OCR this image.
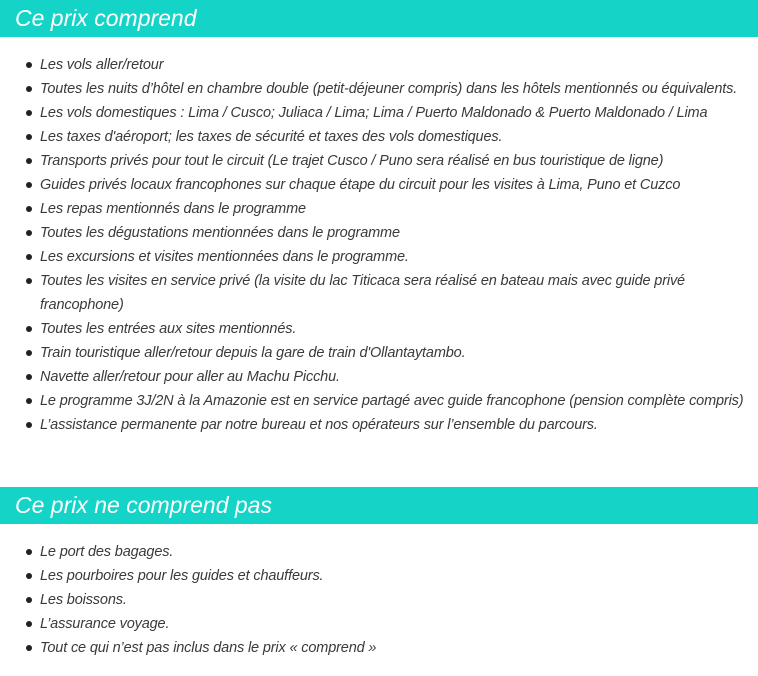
Ce prix comprend
Les vols aller/retour
Toutes les nuits d’hôtel en chambre double (petit-déjeuner compris) dans les hôtels mentionnés ou équivalents.
Les vols domestiques : Lima / Cusco; Juliaca / Lima; Lima / Puerto Maldonado & Puerto Maldonado / Lima
Les taxes d'aéroport; les taxes de sécurité et taxes des vols domestiques.
Transports privés pour tout le circuit (Le trajet Cusco / Puno sera réalisé en bus touristique de ligne)
Guides privés locaux francophones sur chaque étape du circuit pour les visites à Lima, Puno et Cuzco
Les repas mentionnés dans le programme
Toutes les dégustations mentionnées dans le programme
Les excursions et visites mentionnées dans le programme.
Toutes les visites en service privé (la visite du lac Titicaca sera réalisé en bateau mais avec guide privé francophone)
Toutes les entrées aux sites mentionnés.
Train touristique aller/retour depuis la gare de train d'Ollantaytambo.
Navette aller/retour pour aller au Machu Picchu.
Le programme 3J/2N à la Amazonie est en service partagé avec guide francophone (pension complète compris)
L’assistance permanente par notre bureau et nos opérateurs sur l’ensemble du parcours.
Ce prix ne comprend pas
Le port des bagages.
Les pourboires pour les guides et chauffeurs.
Les boissons.
L’assurance voyage.
Tout ce qui n’est pas inclus dans le prix « comprend »
